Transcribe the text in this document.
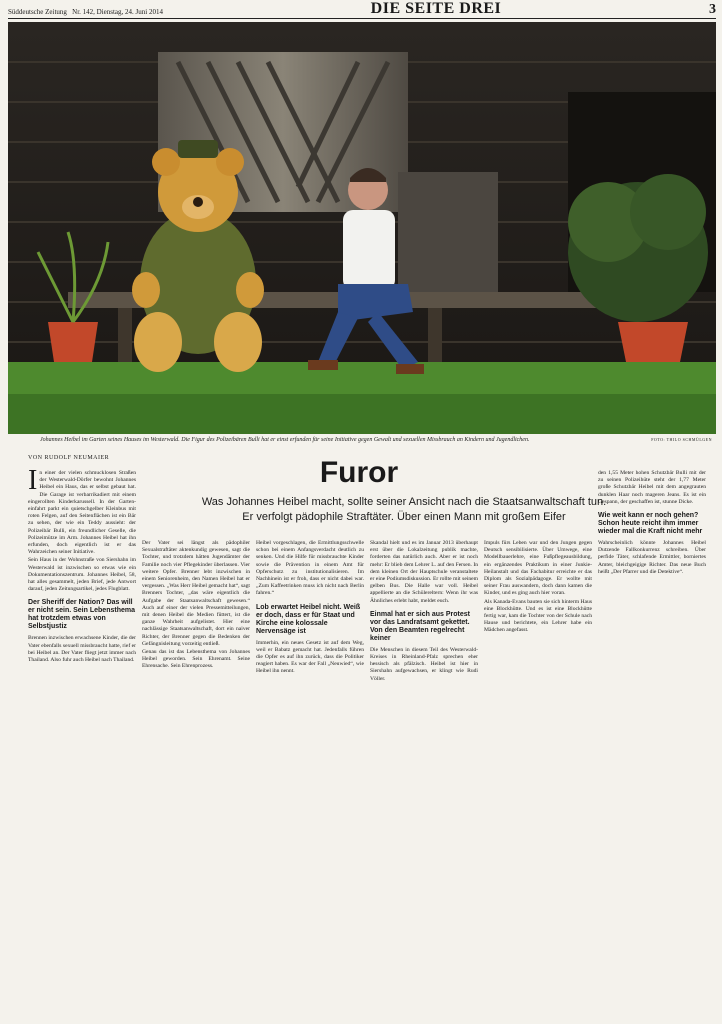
Süddeutsche Zeitung Nr. 142, Dienstag, 24. Juni 2014	DIE SEITE DREI	3
Johannes Heibel im Garten seines Hauses im Westerwald. Die Figur des Polizeibären Bulli hat er einst erfunden für seine Initiative gegen Gewalt und sexuellen Missbrauch an Kindern und Jugendlichen.	FOTO: THILO SCHMÜLGEN
VON RUDOLF NEUMAIER	Furor
Was Johannes Heibel macht, sollte seiner Ansicht nach die Staatsanwaltschaft tun.
Er verfolgt pädophile Straftäter. Über einen Mann mit großem Eifer
I n einer der vielen schmucklosen Straßen der Westerwald-Dörfer bewohnt Johannes Heibel ein Haus, das er selbst gebaut hat. Die Garage ist verbarrikadiert mit einem eingerollten Kinderkarussell. In der Garten-einfahrt parkt ein quietschgelber Kleinbus mit roten Felgen, auf den Seitenflächen ist ein Bär zu sehen, der wie ein Teddy aussieht: der Polizeibär Bulli, ein freundlicher Geselle, die Polizeimütze im Arm. Johannes Heibel hat ihn erfunden, doch eigentlich ist er das Wahrzeichen seiner Initiative.

Sein Haus in der Wohnstraße von Siershahn im Westerwald ist inzwischen so etwas wie ein Dokumentationszentrum. Johannes Heibel, 58, hat alles gesammelt, jeden Brief, jede Antwort darauf, jeden Zeitungsartikel, jedes Flugblatt.

Der Sheriff der Nation? Das will er nicht sein. Sein Lebensthema hat trotzdem etwas von Selbstjustiz

Brennen inzwischen erwachsene Kinder, die der Vater ebenfalls sexuell missbraucht hatte, rief er bei Heibel an. Der Vater fliegt jetzt immer nach Thailand. Also fuhr auch Heibel nach Thailand.

Der Vater sei längst als pädophiler Sexualstraftäter aktenkundig gewesen, sagt die Tochter, und trotzdem hätten Jugendämter der Familie noch vier Pflegekinder überlassen. Vier weitere Opfer. Brenner lebt inzwischen in einem Seniorenheim, den Namen Heibel hat er vergessen. „Was Herr Heibel gemacht hat“, sagt Brenners Tochter, „das wäre eigentlich die Aufgabe der Staatsanwaltschaft gewesen.“ Auch auf einer der vielen Pressemitteilungen, mit denen Heibel die Medien füttert, ist die ganze Wahrheit aufgelistet. Hier eine nachlässige Staatsanwaltschaft, dort ein naiver Richter, der Brenner gegen die Bedenken der Gefängnisleitung vorzeitig entließ.

Genau das ist das Lebensthema von Johannes Heibel geworden. Sein Ehrenamt. Seine Ehrensache. Sein Ehrenprozess.

Heibel vorgeschlagen, die Ermittlungsschwelle schon bei einem Anfangsverdacht deutlich zu senken. Und die Hilfe für missbrauchte Kinder sowie die Prävention in einem Amt für Opferschutz zu institutionalisieren. Im Nachhinein ist er froh, dass er nicht dabei war. „Zum Kaffeetrinken muss ich nicht nach Berlin fahren.“

Lob erwartet Heibel nicht. Weiß er doch, dass er für Staat und Kirche eine kolossale Nervensäge ist

Immerhin, ein neues Gesetz ist auf dem Weg, weil er Babatz gemacht hat. Jedenfalls führen die Opfer es auf ihn zurück, dass die Politiker reagiert haben. Es war der Fall „Neuwied“, wie Heibel ihn nennt.

Skandal hielt und es im Januar 2013 überhaupt erst über die Lokalzeitung publik machte, forderten das natürlich auch. Aber er ist noch mehr: Er blieb dem Lehrer L. auf den Fersen. In dem kleinen Ort der Hauptschule veranstaltete er eine Podiumsdiskussion. Er rollte mit seinem gelben Bus. Die Halle war voll. Heibel appellierte an die Schülereltern: Wenn ihr was Ähnliches erlebt habt, meldet euch.

Einmal hat er sich aus Protest vor das Landratsamt gekettet. Von den Beamten regelrecht keiner

Die Menschen in diesem Teil des Westerwald-Kreises in Rheinland-Pfalz sprechen eher hessisch als pfälzisch. Heibel ist hier in Siershahn aufgewachsen, er klingt wie Rudi Völler.

Impuls fürs Leben war und den Jungen gegen Deutsch sensibilisierte. Über Umwege, eine Modellbauerlehre, eine Fußpflegeausbildung, ein ergänzendes Praktikum in einer Junkie-Heilanstalt und das Fachabitur erreichte er das Diplom als Sozialpädagoge. Er wollte mit seiner Frau auswandern, doch dann kamen die Kinder, und es ging auch hier voran.

Als Kanada-Evans bauten sie sich hinterm Haus eine Blockhütte. Und es ist eine Blockhütte fertig war, kam die Tochter von der Schule nach Hause und berichtete, ein Lehrer habe ein Mädchen angefasst.

den 1,55 Meter hohen Schutzbär Bulli mit der zu seinen Polizeihüte steht der 1,77 Meter große Schutzbär Heibel mit dem angegrauten dunklen Haar noch mageren Jeans. Es ist ein Gespann, der geschaffen ist, stunne Dicke.

Wie weit kann er noch gehen? Schon heute reicht ihm immer wieder mal die Kraft nicht mehr

Wahrscheinlich könnte Johannes Heibel Dutzende Fallkonkurrenz schreiben. Über perfide Täter, schlafende Ermittler, borniertes Amter, bleichgeigige Richter. Das neue Buch heißt „Der Pfarrer und die Detektive“.
